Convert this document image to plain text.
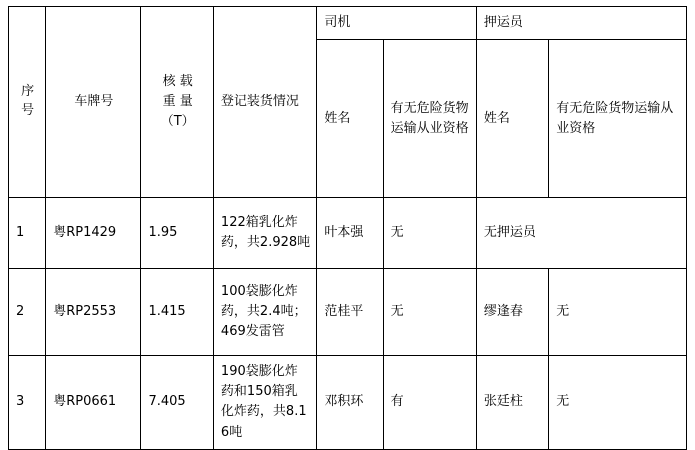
序号	车牌号	核 载
重 量
（T）	登记装货情况	司机		押运员	
				姓名	有无危险货物运输从业资格	姓名	有无危险货物运输从业资格
1	粤RP1429	1.95	122箱乳化炸药，共2.928吨	叶本强	无	无押运员	
2	粤RP2553	1.415	100袋膨化炸药，共2.4吨；469发雷管	范桂平	无	缪逢春	无
3	粤RP0661	7.405	190袋膨化炸药和150箱乳化炸药，共8.16吨	邓积环	有	张廷柱	无
